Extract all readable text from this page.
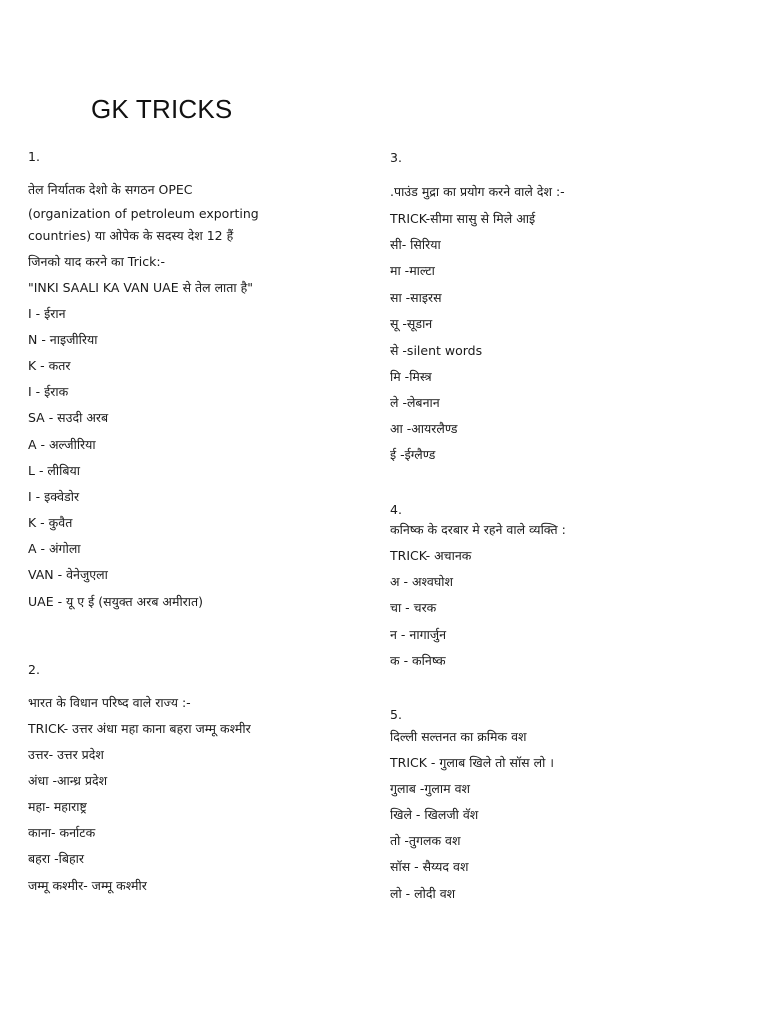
GK TRICKS
1.
तेल निर्यातक देशो के सगठन OPEC
(organization of petroleum exporting
countries) या ओपेक के सदस्य देश 12 हैं
जिनको याद करने का Trick:-
"INKI SAALI KA VAN UAE से तेल लाता है"
I - ईरान
N - नाइजीरिया
K - कतर
I - ईराक
SA - सउदी अरब
A - अल्जीरिया
L - लीबिया
I - इक्वेडोर
K - कुवैत
A - अंगोला
VAN - वेनेजुएला
UAE - यू ए ई (सयुक्त अरब अमीरात)
2.
भारत के विधान परिष्द वाले राज्य :-
TRICK- उत्तर अंधा महा काना बहरा जम्मू कश्मीर
उत्तर- उत्तर प्रदेश
अंधा -आन्ध्र प्रदेश
महा- महाराष्ट्र
काना- कर्नाटक
बहरा -बिहार
जम्मू कश्मीर- जम्मू कश्मीर
3.
.पाउंड मुद्रा का प्रयोग करने वाले देश :-
TRICK-सीमा सासु से मिले आई
सी- सिरिया
मा -माल्टा
सा -साइरस
सू -सूडान
से -silent words
मि -मिस्त्र
ले -लेबनान
आ -आयरलैण्ड
ई -ईग्लैण्ड
4.
कनिष्क के दरबार मे रहने वाले व्यक्ति :
TRICK- अचानक
अ - अश्वघोश
चा - चरक
न - नागार्जुन
क - कनिष्क
5.
दिल्ली सल्तनत का क्रमिक वश
TRICK - गुलाब खिले तो सॉस लो ।
गुलाब -गुलाम वश
खिले - खिलजी वॅश
तो -तुगलक वश
सॉस - सैय्यद वश
लो - लोदी वश
